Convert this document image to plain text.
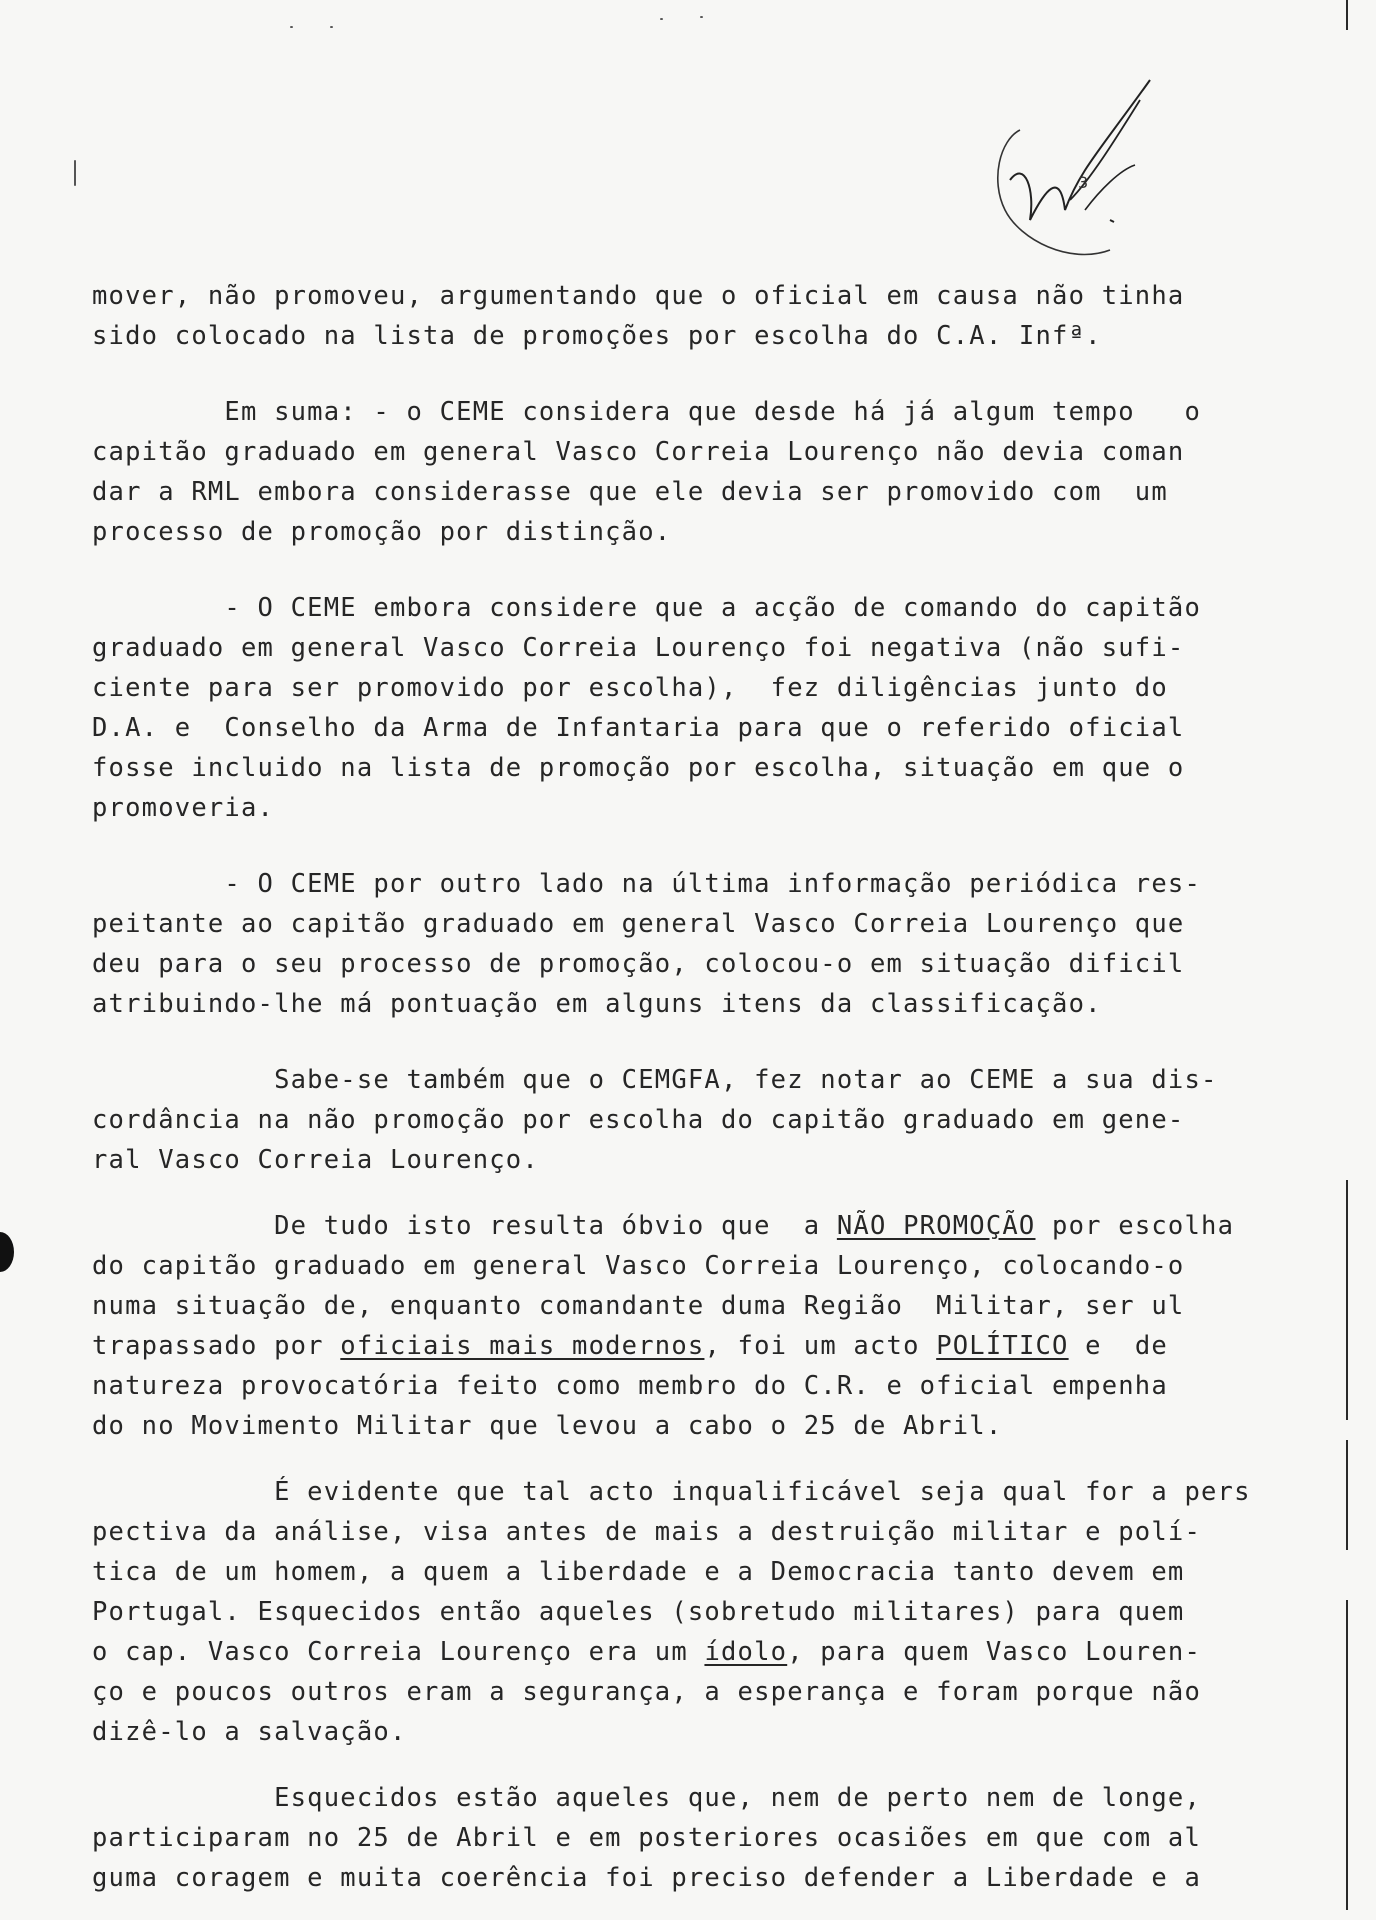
3
mover, não promoveu, argumentando que o oficial em causa não tinha
sido colocado na lista de promoções por escolha do C.A. Infª.
Em suma: - o CEME considera que desde há já algum tempo   o
capitão graduado em general Vasco Correia Lourenço não devia coman
dar a RML embora considerasse que ele devia ser promovido com  um
processo de promoção por distinção.
- O CEME embora considere que a acção de comando do capitão
graduado em general Vasco Correia Lourenço foi negativa (não sufi-
ciente para ser promovido por escolha),  fez diligências junto do
D.A. e  Conselho da Arma de Infantaria para que o referido oficial
fosse incluido na lista de promoção por escolha, situação em que o
promoveria.
- O CEME por outro lado na última informação periódica res-
peitante ao capitão graduado em general Vasco Correia Lourenço que
deu para o seu processo de promoção, colocou-o em situação dificil
atribuindo-lhe má pontuação em alguns itens da classificação.
Sabe-se também que o CEMGFA, fez notar ao CEME a sua dis-
cordância na não promoção por escolha do capitão graduado em gene-
ral Vasco Correia Lourenço.
De tudo isto resulta óbvio que  a NÃO PROMOÇÃO por escolha
do capitão graduado em general Vasco Correia Lourenço, colocando-o
numa situação de, enquanto comandante duma Região  Militar, ser ul
trapassado por oficiais mais modernos, foi um acto POLÍTICO e  de
natureza provocatória feito como membro do C.R. e oficial empenha
do no Movimento Militar que levou a cabo o 25 de Abril.
É evidente que tal acto inqualificável seja qual for a pers
pectiva da análise, visa antes de mais a destruição militar e polí-
tica de um homem, a quem a liberdade e a Democracia tanto devem em
Portugal. Esquecidos então aqueles (sobretudo militares) para quem
o cap. Vasco Correia Lourenço era um ídolo, para quem Vasco Louren-
ço e poucos outros eram a segurança, a esperança e foram porque não
dizê-lo a salvação.
Esquecidos estão aqueles que, nem de perto nem de longe,
participaram no 25 de Abril e em posteriores ocasiões em que com al
guma coragem e muita coerência foi preciso defender a Liberdade e a
